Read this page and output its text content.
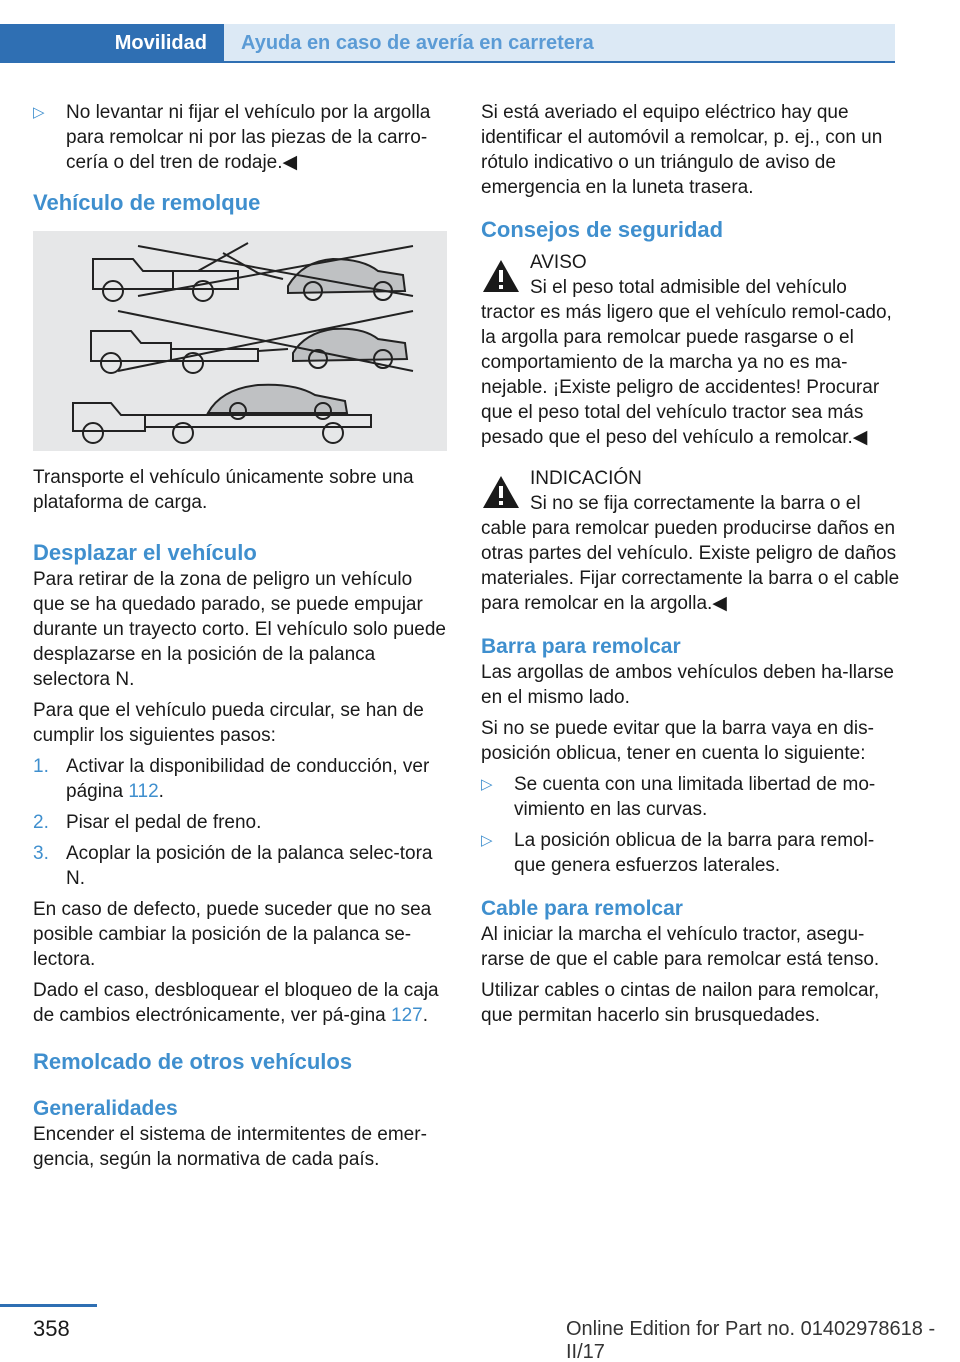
Movilidad	Ayuda en caso de avería en carretera
▷ No levantar ni fijar el vehículo por la argolla para remolcar ni por las piezas de la carro‐cería o del tren de rodaje.◀
Vehículo de remolque
Transporte el vehículo únicamente sobre una plataforma de carga.
Desplazar el vehículo
Para retirar de la zona de peligro un vehículo que se ha quedado parado, se puede empujar durante un trayecto corto. El vehículo solo puede desplazarse en la posición de la palanca selectora N.
Para que el vehículo pueda circular, se han de cumplir los siguientes pasos:
1. Activar la disponibilidad de conducción, ver página 112.
2. Pisar el pedal de freno.
3. Acoplar la posición de la palanca selec‐tora N.
En caso de defecto, puede suceder que no sea posible cambiar la posición de la palanca se‐lectora.
Dado el caso, desbloquear el bloqueo de la caja de cambios electrónicamente, ver pá‐gina 127.
Remolcado de otros vehículos
Generalidades
Encender el sistema de intermitentes de emer‐gencia, según la normativa de cada país.
Si está averiado el equipo eléctrico hay que identificar el automóvil a remolcar, p. ej., con un rótulo indicativo o un triángulo de aviso de emergencia en la luneta trasera.
Consejos de seguridad
AVISO
Si el peso total admisible del vehículo
tractor es más ligero que el vehículo remol‐cado, la argolla para remolcar puede rasgarse o el comportamiento de la marcha ya no es ma‐nejable. ¡Existe peligro de accidentes! Procurar que el peso total del vehículo tractor sea más pesado que el peso del vehículo a remolcar.◀
INDICACIÓN
Si no se fija correctamente la barra o el
cable para remolcar pueden producirse daños en otras partes del vehículo. Existe peligro de daños materiales. Fijar correctamente la barra o el cable para remolcar en la argolla.◀
Barra para remolcar
Las argollas de ambos vehículos deben ha‐llarse en el mismo lado.
Si no se puede evitar que la barra vaya en dis‐posición oblicua, tener en cuenta lo siguiente:
▷ Se cuenta con una limitada libertad de mo‐vimiento en las curvas.
▷ La posición oblicua de la barra para remol‐que genera esfuerzos laterales.
Cable para remolcar
Al iniciar la marcha el vehículo tractor, asegu‐rarse de que el cable para remolcar está tenso.
Utilizar cables o cintas de nailon para remolcar, que permitan hacerlo sin brusquedades.
358	Online Edition for Part no. 01402978618 - II/17
